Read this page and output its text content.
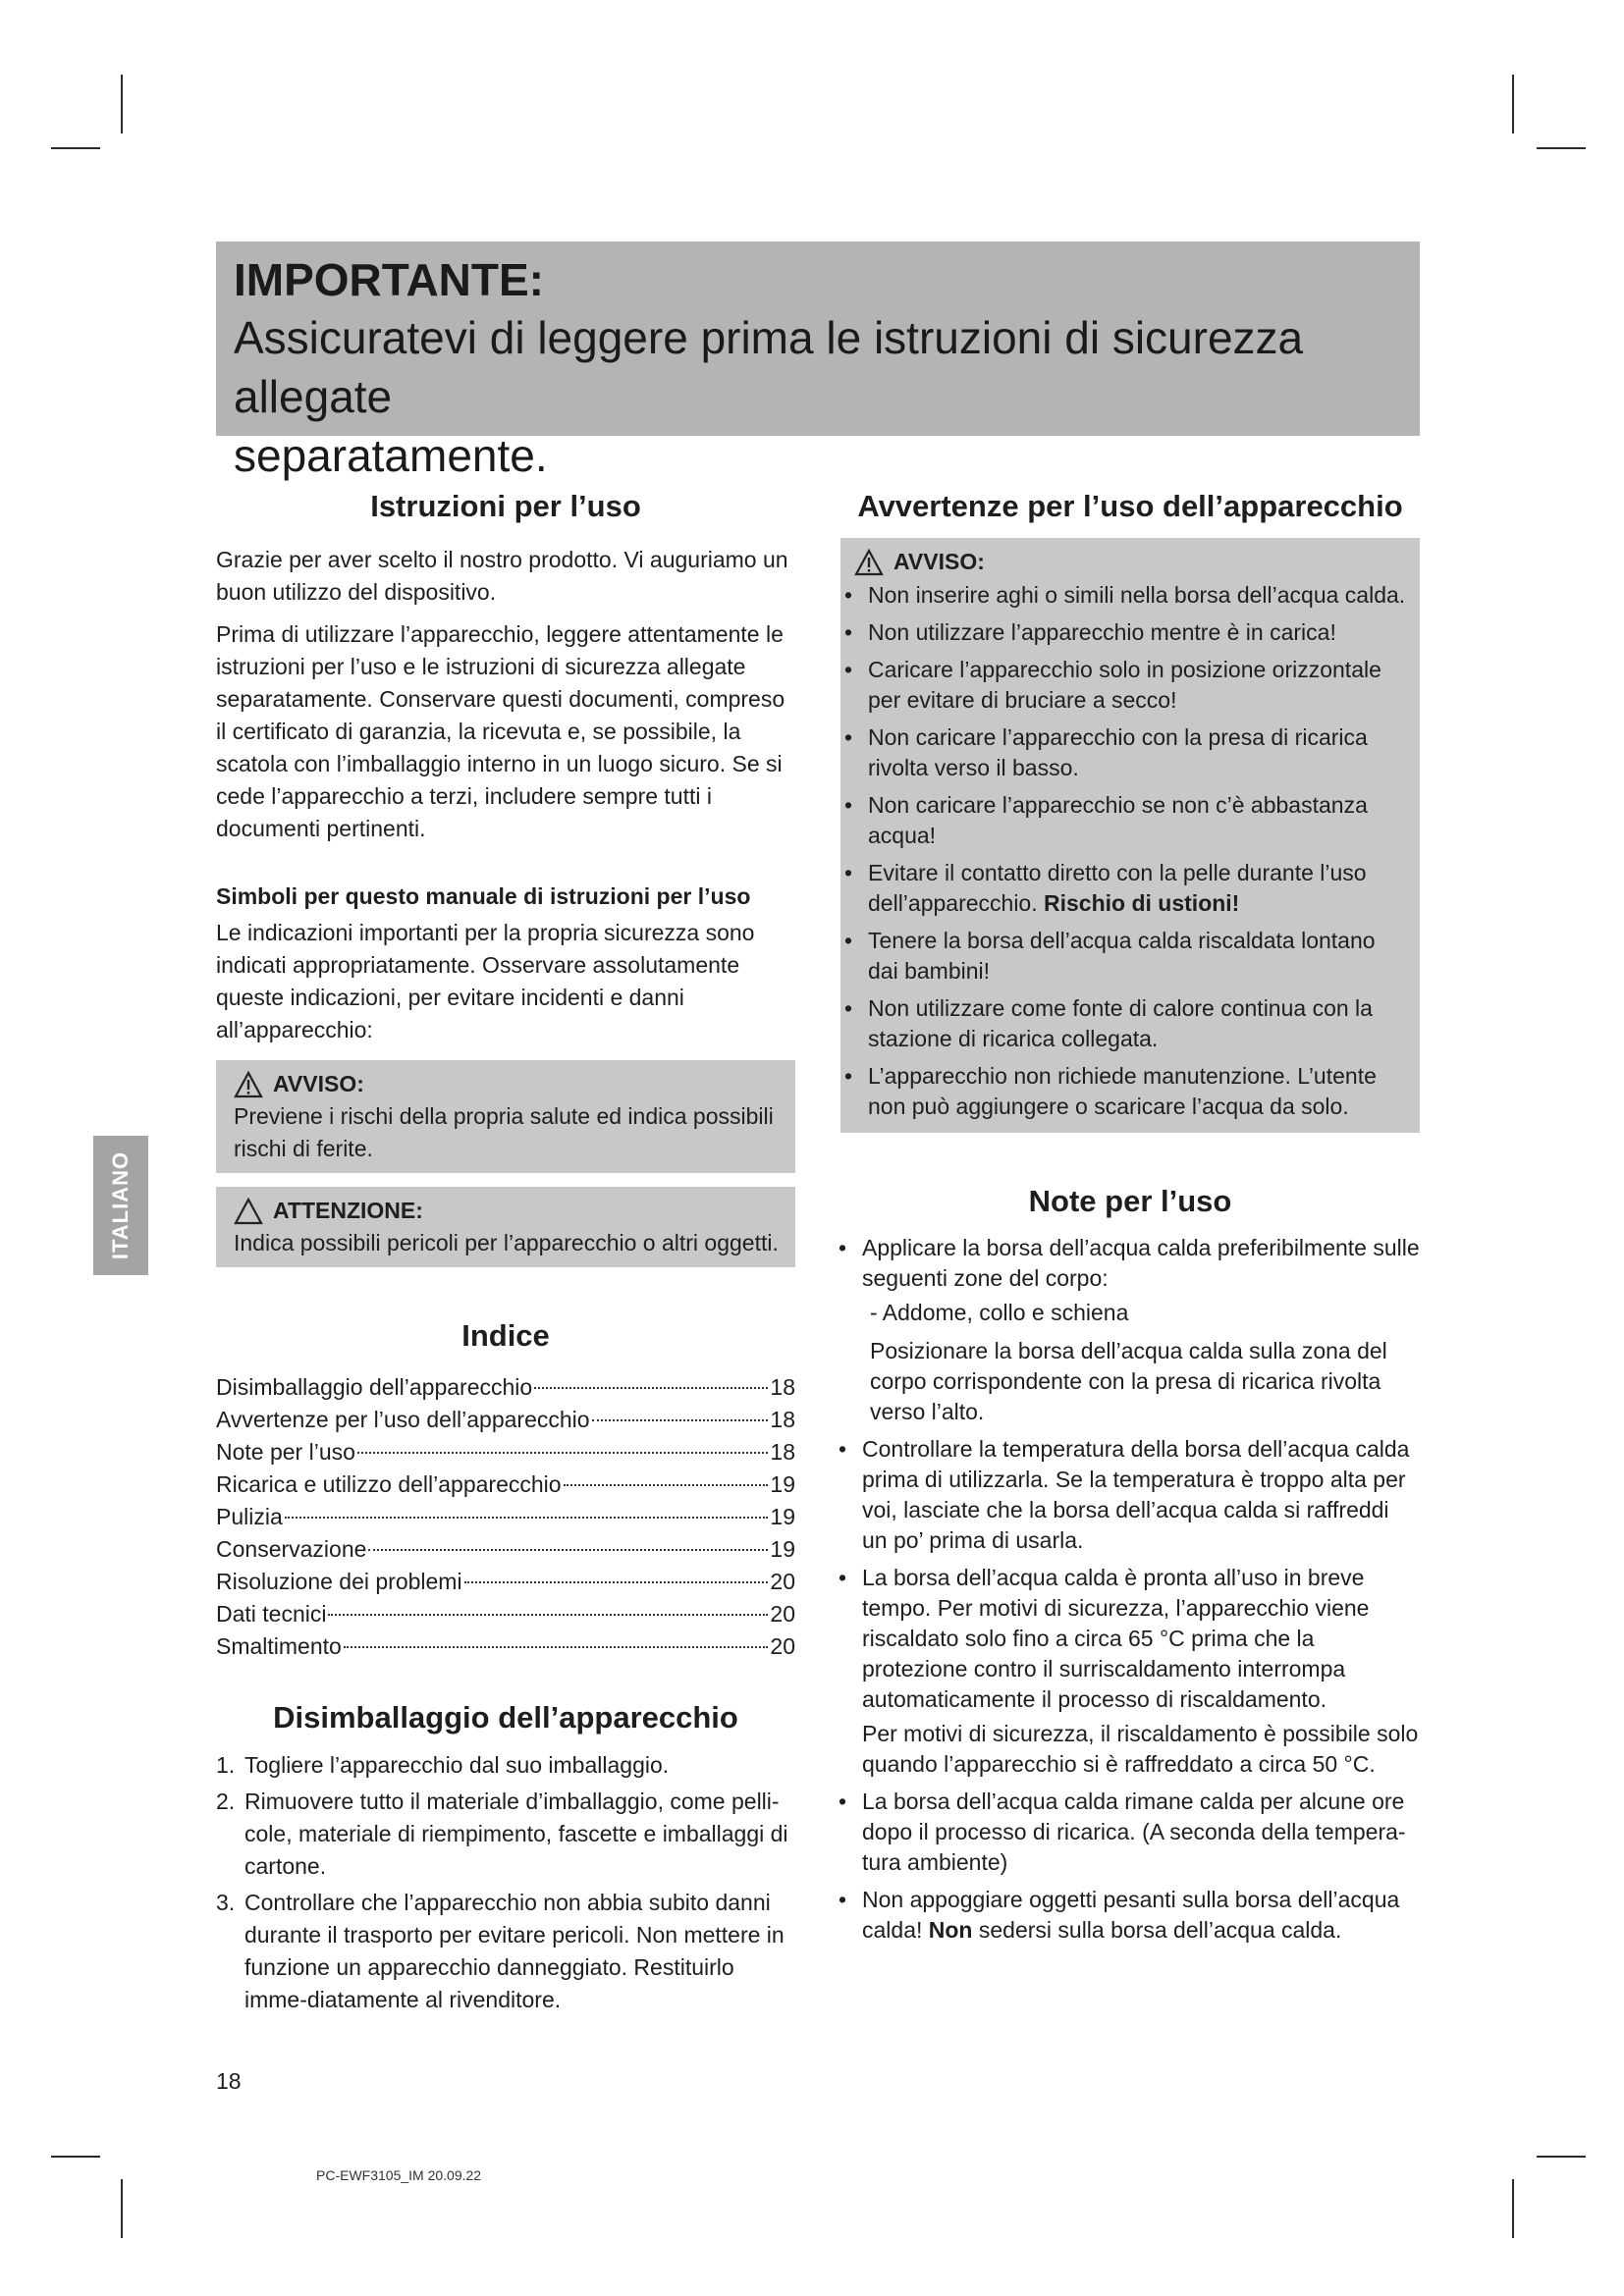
IMPORTANTE:
Assicuratevi di leggere prima le istruzioni di sicurezza allegate
separatamente.
ITALIANO
Istruzioni per l’uso

Grazie per aver scelto il nostro prodotto. Vi auguriamo un buon utilizzo del dispositivo.

Prima di utilizzare l’apparecchio, leggere attentamente le istruzioni per l’uso e le istruzioni di sicurezza allegate separatamente. Conservare questi documenti, compreso il certificato di garanzia, la ricevuta e, se possibile, la scatola con l’imballaggio interno in un luogo sicuro. Se si cede l’apparecchio a terzi, includere sempre tutti i documenti pertinenti.

Simboli per questo manuale di istruzioni per l’uso

Le indicazioni importanti per la propria sicurezza sono indicati appropriatamente. Osservare assolutamente queste indicazioni, per evitare incidenti e danni all’apparecchio:

AVVISO:

Previene i rischi della propria salute ed indica possibili rischi di ferite.

ATTENZIONE:

Indica possibili pericoli per l’apparecchio o altri oggetti.

Indice
Disimballaggio dell’apparecchio	18
Avvertenze per l’uso dell’apparecchio	18
Note per l’uso	18
Ricarica e utilizzo dell’apparecchio	19
Pulizia	19
Conservazione	19
Risoluzione dei problemi	20
Dati tecnici	20
Smaltimento	20
Disimballaggio dell’apparecchio
1. Togliere l’apparecchio dal suo imballaggio.
2. Rimuovere tutto il materiale d’imballaggio, come pelli-cole, materiale di riempimento, fascette e imballaggi di cartone.
3. Controllare che l’apparecchio non abbia subito danni durante il trasporto per evitare pericoli. Non mettere in funzione un apparecchio danneggiato. Restituirlo imme-diatamente al rivenditore.
Avvertenze per l’uso dell’apparecchio
AVVISO:
• Non inserire aghi o simili nella borsa dell’acqua calda.
• Non utilizzare l’apparecchio mentre è in carica!
• Caricare l’apparecchio solo in posizione orizzontale per evitare di bruciare a secco!
• Non caricare l’apparecchio con la presa di ricarica rivolta verso il basso.
• Non caricare l’apparecchio se non c’è abbastanza acqua!
• Evitare il contatto diretto con la pelle durante l’uso dell’apparecchio. Rischio di ustioni!
• Tenere la borsa dell’acqua calda riscaldata lontano dai bambini!
• Non utilizzare come fonte di calore continua con la stazione di ricarica collegata.
• L’apparecchio non richiede manutenzione. L’utente non può aggiungere o scaricare l’acqua da solo.
Note per l’uso
• Applicare la borsa dell’acqua calda preferibilmente sulle seguenti zone del corpo:
- Addome, collo e schiena
Posizionare la borsa dell’acqua calda sulla zona del corpo corrispondente con la presa di ricarica rivolta verso l’alto.
• Controllare la temperatura della borsa dell’acqua calda prima di utilizzarla. Se la temperatura è troppo alta per voi, lasciate che la borsa dell’acqua calda si raffreddi un po’ prima di usarla.
• La borsa dell’acqua calda è pronta all’uso in breve tempo. Per motivi di sicurezza, l’apparecchio viene riscaldato solo fino a circa 65 °C prima che la protezione contro il surriscaldamento interrompa automaticamente il processo di riscaldamento.
Per motivi di sicurezza, il riscaldamento è possibile solo quando l’apparecchio si è raffreddato a circa 50 °C.
• La borsa dell’acqua calda rimane calda per alcune ore dopo il processo di ricarica. (A seconda della tempera-tura ambiente)
• Non appoggiare oggetti pesanti sulla borsa dell’acqua calda! Non sedersi sulla borsa dell’acqua calda.
18
PC-EWF3105_IM 20.09.22
